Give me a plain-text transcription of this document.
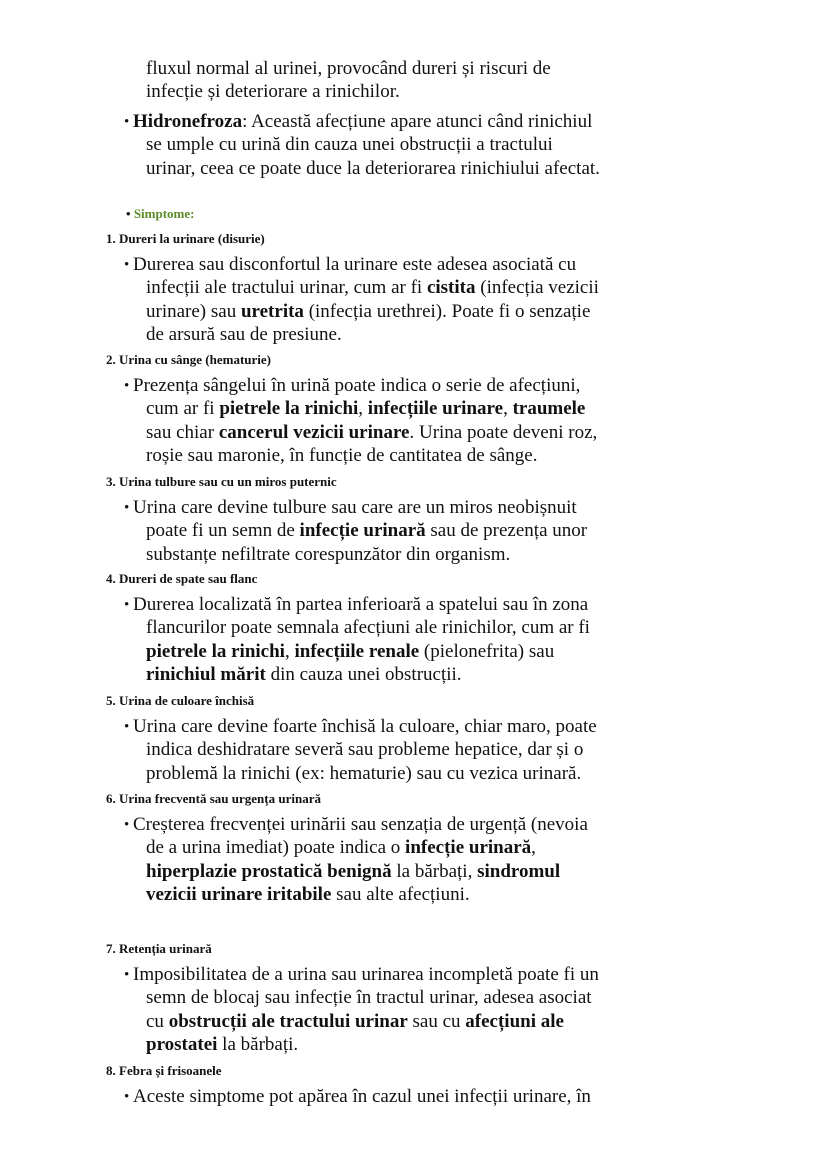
fluxul normal al urinei, provocând dureri și riscuri de
infecție și deteriorare a rinichilor.
• Hidronefroza: Această afecțiune apare atunci când rinichiul
se umple cu urină din cauza unei obstrucții a tractului
urinar, ceea ce poate duce la deteriorarea rinichiului afectat.
• Simptome:
1. Dureri la urinare (disurie)
• Durerea sau disconfortul la urinare este adesea asociată cu
infecții ale tractului urinar, cum ar fi cistita (infecția vezicii
urinare) sau uretrita (infecția urethrei). Poate fi o senzație
de arsură sau de presiune.
2. Urina cu sânge (hematurie)
• Prezența sângelui în urină poate indica o serie de afecțiuni,
cum ar fi pietrele la rinichi, infecțiile urinare, traumele
sau chiar cancerul vezicii urinare. Urina poate deveni roz,
roșie sau maronie, în funcție de cantitatea de sânge.
3. Urina tulbure sau cu un miros puternic
• Urina care devine tulbure sau care are un miros neobișnuit
poate fi un semn de infecție urinară sau de prezența unor
substanțe nefiltrate corespunzător din organism.
4. Dureri de spate sau flanc
• Durerea localizată în partea inferioară a spatelui sau în zona
flancurilor poate semnala afecțiuni ale rinichilor, cum ar fi
pietrele la rinichi, infecțiile renale (pielonefrita) sau
rinichiul mărit din cauza unei obstrucții.
5. Urina de culoare închisă
• Urina care devine foarte închisă la culoare, chiar maro, poate
indica deshidratare severă sau probleme hepatice, dar și o
problemă la rinichi (ex: hematurie) sau cu vezica urinară.
6. Urina frecventă sau urgența urinară
• Creșterea frecvenței urinării sau senzația de urgență (nevoia
de a urina imediat) poate indica o infecție urinară,
hiperplazie prostatică benignă la bărbați, sindromul
vezicii urinare iritabile sau alte afecțiuni.
7. Retenția urinară
• Imposibilitatea de a urina sau urinarea incompletă poate fi un
semn de blocaj sau infecție în tractul urinar, adesea asociat
cu obstrucții ale tractului urinar sau cu afecțiuni ale
prostatei la bărbați.
8. Febra și frisoanele
• Aceste simptome pot apărea în cazul unei infecții urinare, în
